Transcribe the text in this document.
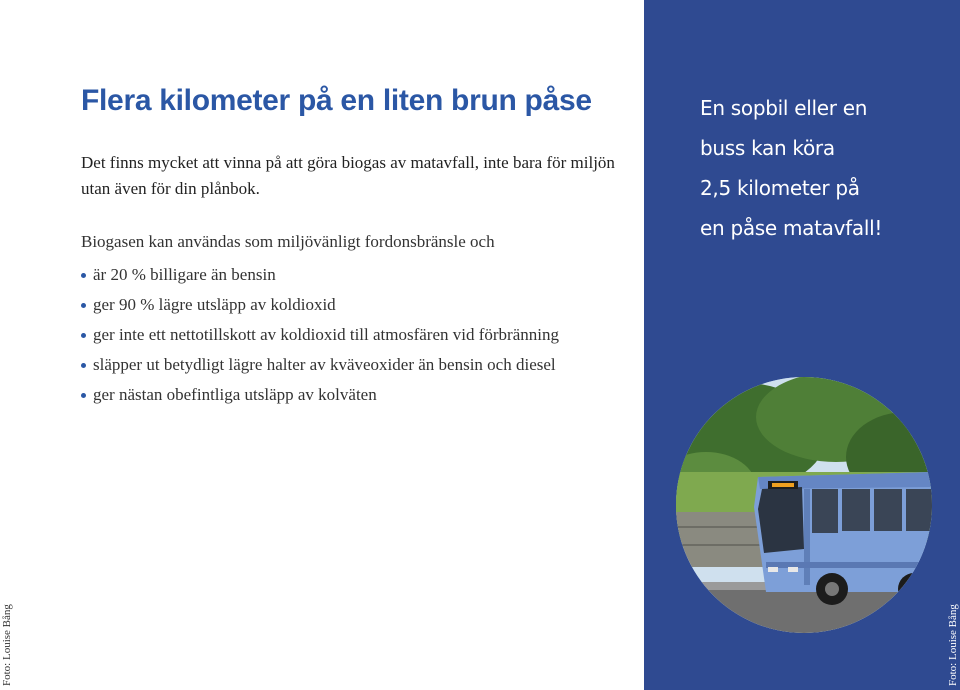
Flera kilometer på en liten brun påse
Det finns mycket att vinna på att göra biogas av matavfall, inte bara för miljön utan även för din plånbok.
Biogasen kan användas som miljövänligt fordonsbränsle och
är 20 % billigare än bensin
ger 90 % lägre utsläpp av koldioxid
ger inte ett nettotillskott av koldioxid till atmosfären vid förbränning
släpper ut betydligt lägre halter av kväveoxider än bensin och diesel
ger nästan obefintliga utsläpp av kolväten
Foto: Louise Bång
En sopbil eller en
buss kan köra
2,5 kilometer på
en påse matavfall!
Foto: Louise Bång
